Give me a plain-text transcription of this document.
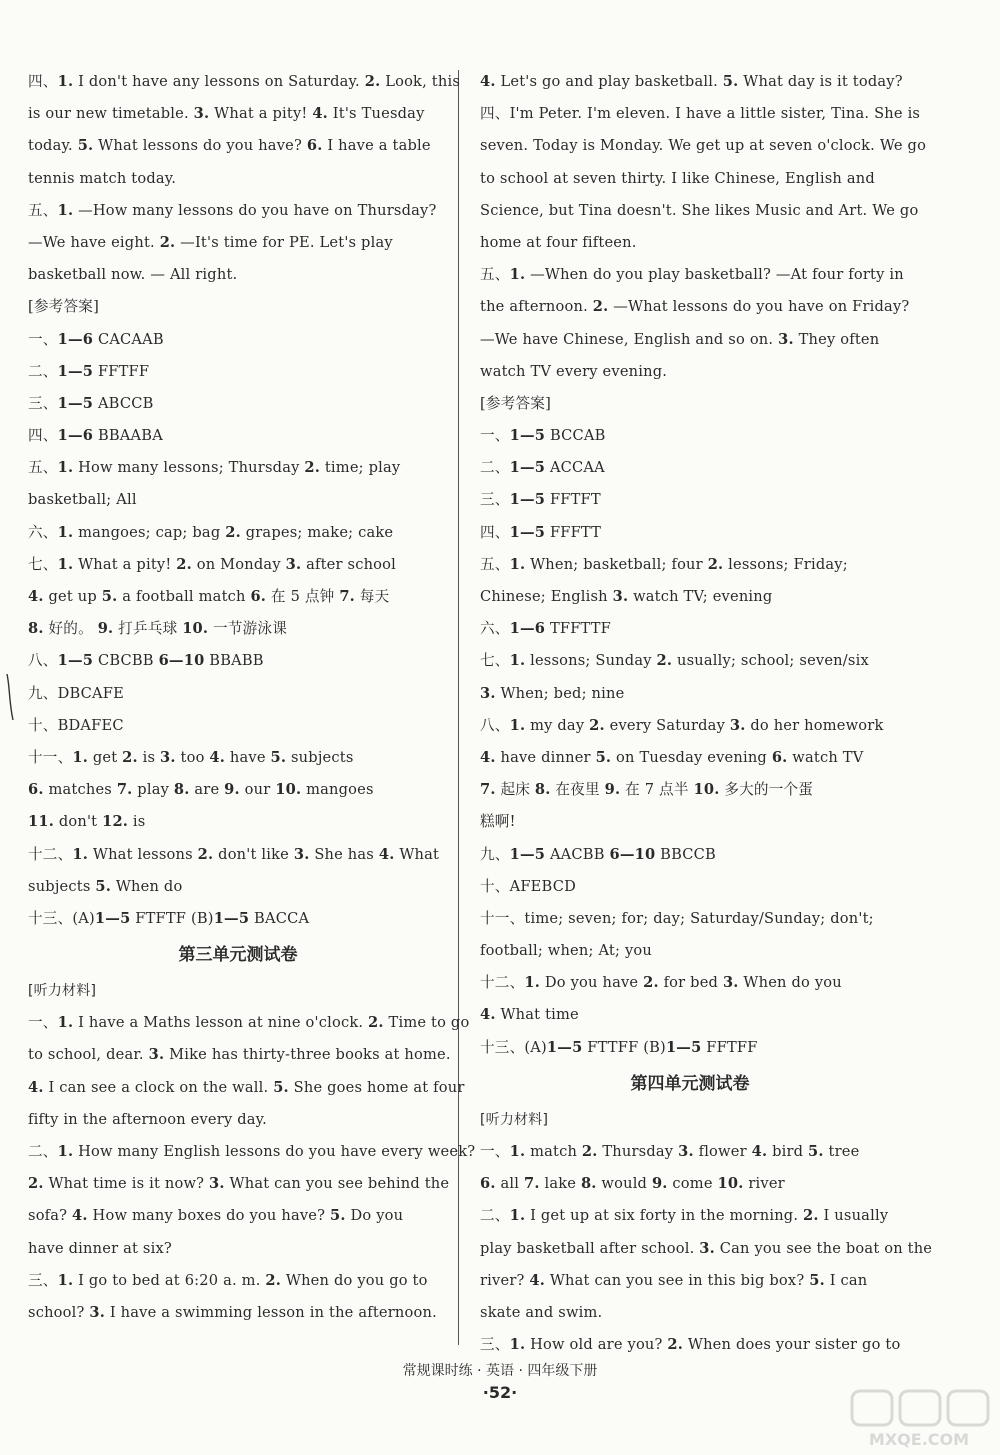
四、1. I don't have any lessons on Saturday. 2. Look, this
is our new timetable. 3. What a pity! 4. It's Tuesday
today. 5. What lessons do you have? 6. I have a table
tennis match today.
五、1. —How many lessons do you have on Thursday?
—We have eight. 2. —It's time for PE. Let's play
basketball now. — All right.
[参考答案]
一、1—6 CACAAB
二、1—5 FFTFF
三、1—5 ABCCB
四、1—6 BBAABA
五、1. How many lessons; Thursday 2. time; play
basketball; All
六、1. mangoes; cap; bag 2. grapes; make; cake
七、1. What a pity! 2. on Monday 3. after school
4. get up 5. a football match 6. 在 5 点钟 7. 每天
8. 好的。 9. 打乒乓球 10. 一节游泳课
八、1—5 CBCBB 6—10 BBABB
九、DBCAFE
十、BDAFEC
十一、1. get 2. is 3. too 4. have 5. subjects
6. matches 7. play 8. are 9. our 10. mangoes
11. don't 12. is
十二、1. What lessons 2. don't like 3. She has 4. What
subjects 5. When do
十三、(A)1—5 FTFTF (B)1—5 BACCA
第三单元测试卷
[听力材料]
一、1. I have a Maths lesson at nine o'clock. 2. Time to go
to school, dear. 3. Mike has thirty-three books at home.
4. I can see a clock on the wall. 5. She goes home at four
fifty in the afternoon every day.
二、1. How many English lessons do you have every week?
2. What time is it now? 3. What can you see behind the
sofa? 4. How many boxes do you have? 5. Do you
have dinner at six?
三、1. I go to bed at 6:20 a. m. 2. When do you go to
school? 3. I have a swimming lesson in the afternoon.
4. Let's go and play basketball. 5. What day is it today?
四、I'm Peter. I'm eleven. I have a little sister, Tina. She is
seven. Today is Monday. We get up at seven o'clock. We go
to school at seven thirty. I like Chinese, English and
Science, but Tina doesn't. She likes Music and Art. We go
home at four fifteen.
五、1. —When do you play basketball? —At four forty in
the afternoon. 2. —What lessons do you have on Friday?
—We have Chinese, English and so on. 3. They often
watch TV every evening.
[参考答案]
一、1—5 BCCAB
二、1—5 ACCAA
三、1—5 FFTFT
四、1—5 FFFTT
五、1. When; basketball; four 2. lessons; Friday;
Chinese; English 3. watch TV; evening
六、1—6 TFFTTF
七、1. lessons; Sunday 2. usually; school; seven/six
3. When; bed; nine
八、1. my day 2. every Saturday 3. do her homework
4. have dinner 5. on Tuesday evening 6. watch TV
7. 起床 8. 在夜里 9. 在 7 点半 10. 多大的一个蛋
糕啊!
九、1—5 AACBB 6—10 BBCCB
十、AFEBCD
十一、time; seven; for; day; Saturday/Sunday; don't;
football; when; At; you
十二、1. Do you have 2. for bed 3. When do you
4. What time
十三、(A)1—5 FTTFF (B)1—5 FFTFF
第四单元测试卷
[听力材料]
一、1. match 2. Thursday 3. flower 4. bird 5. tree
6. all 7. lake 8. would 9. come 10. river
二、1. I get up at six forty in the morning. 2. I usually
play basketball after school. 3. Can you see the boat on the
river? 4. What can you see in this big box? 5. I can
skate and swim.
三、1. How old are you? 2. When does your sister go to
常规课时练 · 英语 · 四年级下册
·52·
MXQE.COM
